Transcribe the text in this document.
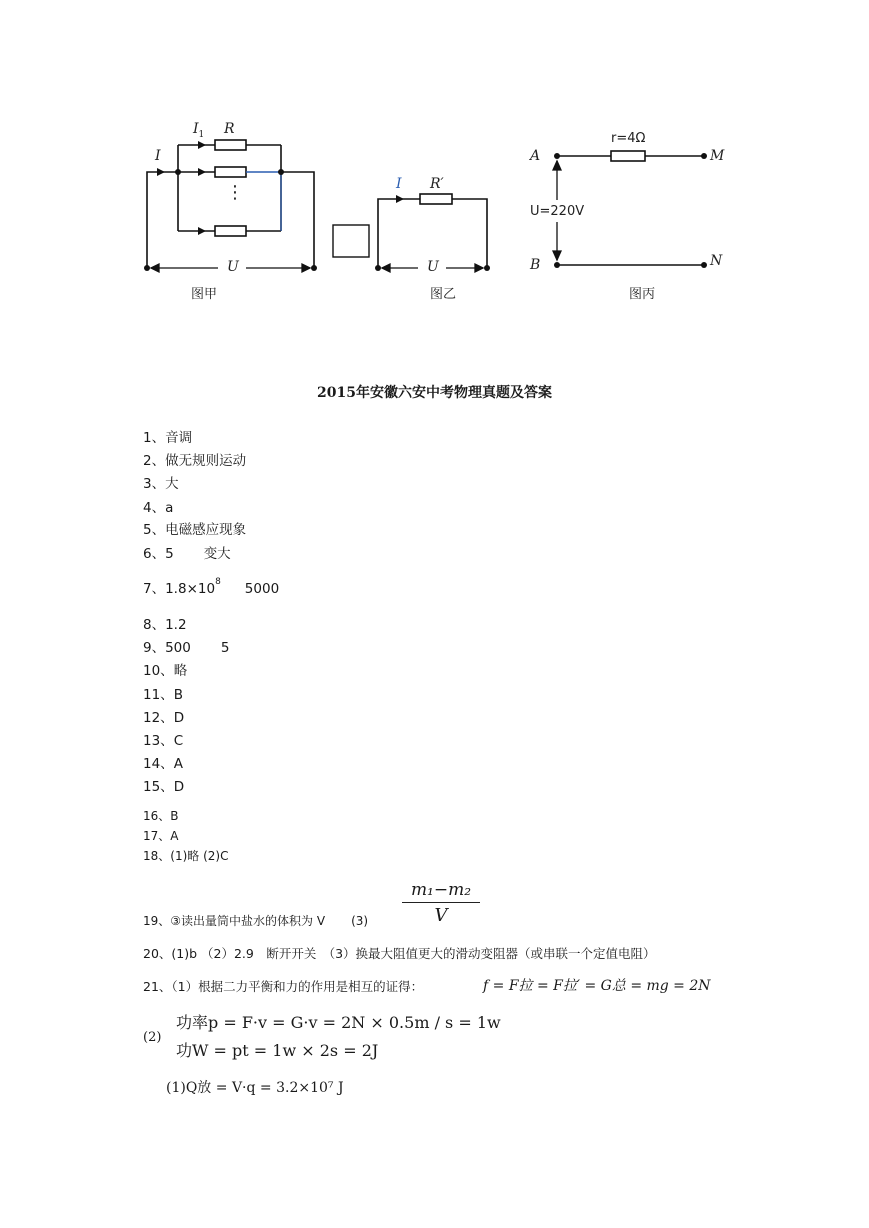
I
$I_1$ R
⋮
U
图甲
I R′
U
图乙
A
B
M
N
r=4Ω
U=220V
图丙
2015年安徽六安中考物理真题及答案
1、音调
2、做无规则运动
3、大
4、a
5、电磁感应现象
6、5 变大
7、$1.8\times 10^8$ 5000
8、1.2
9、500 5
10、略
11、B
12、D
13、C
14、A
15、D
16、B
17、A
18、(1)略 (2)C
19、③读出量筒中盐水的体积为 V (3)
m₁−m₂
V
20、(1)b （2）2.9　断开开关　（3）换最大阻值更大的滑动变阻器（或串联一个定值电阻）
21、（1）根据二力平衡和力的作用是相互的证得：	f = F拉 = F拉′ = G总 = mg = 2N
(2)
功率p = F·v = G·v = 2N × 0.5m / s = 1w
功W = pt = 1w × 2s = 2J
(1)Q放 = V·q = 3.2×10⁷ J
